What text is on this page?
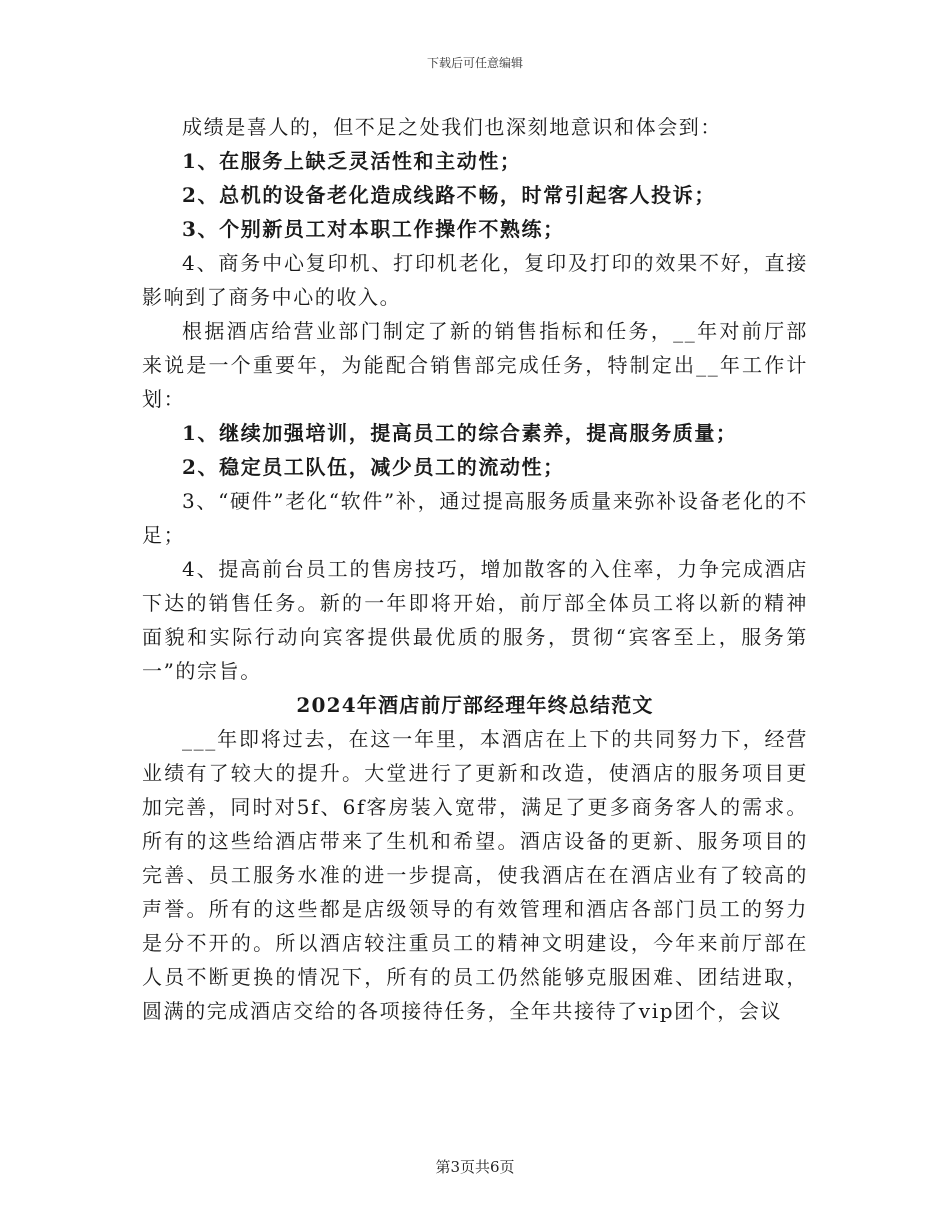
下载后可任意编辑

成绩是喜人的，但不足之处我们也深刻地意识和体会到：

1、在服务上缺乏灵活性和主动性；

2、总机的设备老化造成线路不畅，时常引起客人投诉；

3、个别新员工对本职工作操作不熟练；

4、商务中心复印机、打印机老化，复印及打印的效果不好，直接影响到了商务中心的收入。

根据酒店给营业部门制定了新的销售指标和任务，__年对前厅部来说是一个重要年，为能配合销售部完成任务，特制定出__年工作计划：

1、继续加强培训，提高员工的综合素养，提高服务质量；

2、稳定员工队伍，减少员工的流动性；

3、“硬件”老化“软件”补，通过提高服务质量来弥补设备老化的不足；

4、提高前台员工的售房技巧，增加散客的入住率，力争完成酒店下达的销售任务。新的一年即将开始，前厅部全体员工将以新的精神面貌和实际行动向宾客提供最优质的服务，贯彻“宾客至上，服务第一”的宗旨。

2024年酒店前厅部经理年终总结范文

___年即将过去，在这一年里，本酒店在上下的共同努力下，经营业绩有了较大的提升。大堂进行了更新和改造，使酒店的服务项目更加完善，同时对5f、6f客房装入宽带，满足了更多商务客人的需求。所有的这些给酒店带来了生机和希望。酒店设备的更新、服务项目的完善、员工服务水准的进一步提高，使我酒店在在酒店业有了较高的声誉。所有的这些都是店级领导的有效管理和酒店各部门员工的努力是分不开的。所以酒店较注重员工的精神文明建设，今年来前厅部在人员不断更换的情况下，所有的员工仍然能够克服困难、团结进取，圆满的完成酒店交给的各项接待任务，全年共接待了vip团个，会议

第3页共6页
